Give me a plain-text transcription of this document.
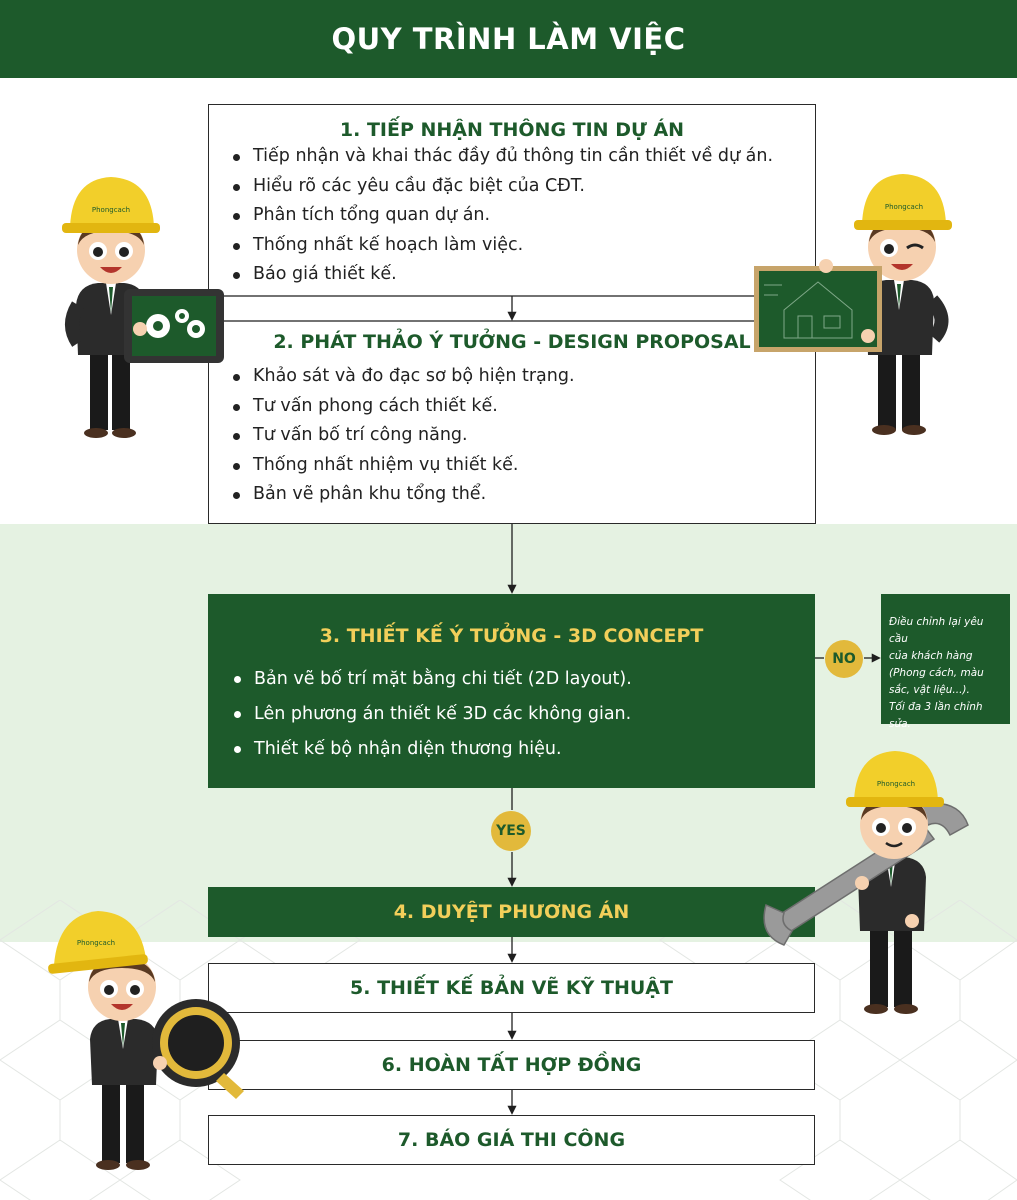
QUY TRÌNH LÀM VIỆC
1. TIẾP NHẬN THÔNG TIN DỰ ÁN
Tiếp nhận và khai thác đầy đủ thông tin cần thiết về dự án.
Hiểu rõ các yêu cầu đặc biệt của CĐT.
Phân tích tổng quan dự án.
Thống nhất kế hoạch làm việc.
Báo giá thiết kế.
2. PHÁT THẢO Ý TƯỞNG - DESIGN PROPOSAL
Khảo sát và đo đạc sơ bộ hiện trạng.
Tư vấn phong cách thiết kế.
Tư vấn bố trí công năng.
Thống nhất nhiệm vụ thiết kế.
Bản vẽ phân khu tổng thể.
3. THIẾT KẾ Ý TƯỞNG - 3D CONCEPT
Bản vẽ bố trí mặt bằng chi tiết (2D layout).
Lên phương án thiết kế 3D các không gian.
Thiết kế bộ nhận diện thương hiệu.
Điều chỉnh lại yêu cầu
của khách hàng
(Phong cách, màu
sắc, vật liệu...).
Tối đa 3 lần chỉnh sửa.
NO
YES
4. DUYỆT PHƯƠNG ÁN
5. THIẾT KẾ BẢN VẼ KỸ THUẬT
6. HOÀN TẤT HỢP ĐỒNG
7. BÁO GIÁ THI CÔNG
Phongcach	Phongcach
Phongcach
Phongcach
